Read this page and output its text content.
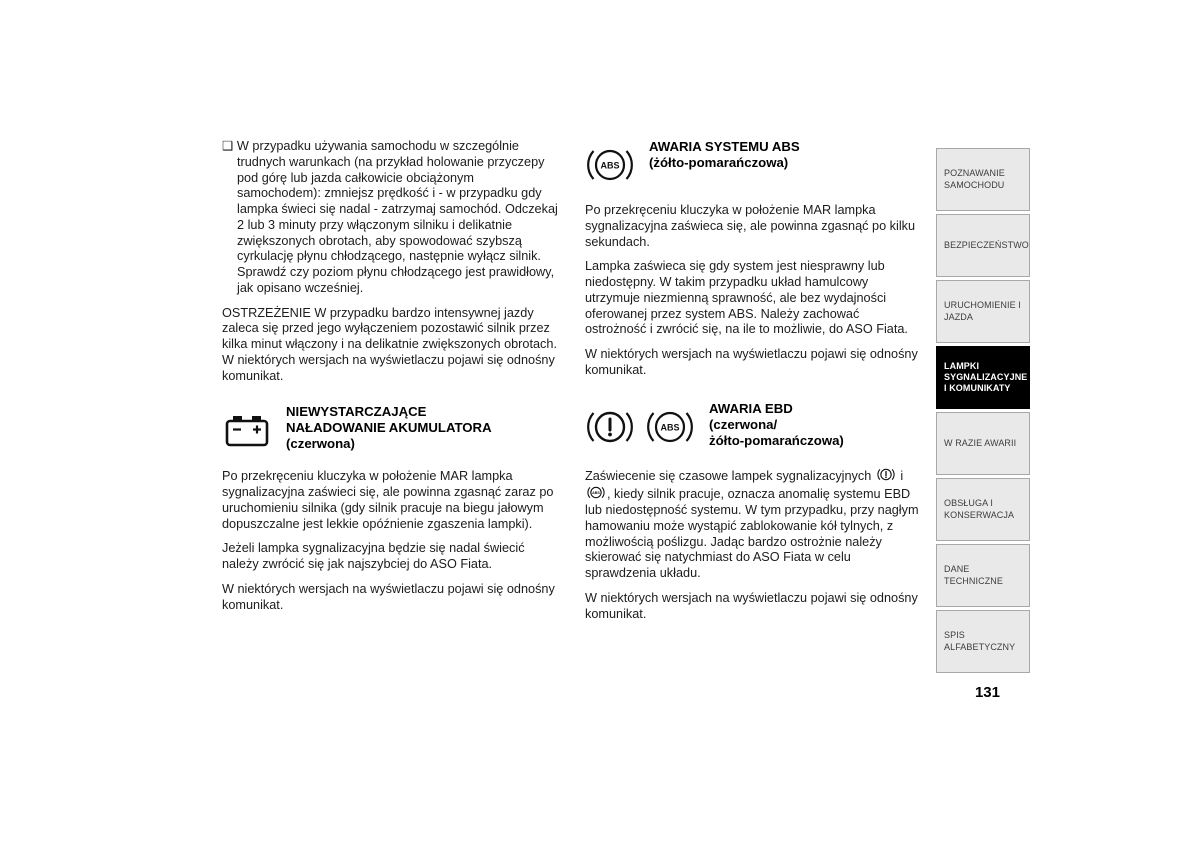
❑ W przypadku używania samochodu w szczególnie trudnych warunkach (na przykład holowanie przyczepy pod górę lub jazda całkowicie obciążonym samochodem): zmniejsz prędkość i - w przypadku gdy lampka świeci się nadal - zatrzymaj samochód. Odczekaj 2 lub 3 minuty przy włączonym silniku i delikatnie zwiększonych obrotach, aby spowodować szybszą cyrkulację płynu chłodzącego, następnie wyłącz silnik. Sprawdź czy poziom płynu chłodzącego jest prawidłowy, jak opisano wcześniej.

OSTRZEŻENIE W przypadku bardzo intensywnej jazdy zaleca się przed jego wyłączeniem pozostawić silnik przez kilka minut włączony i na delikatnie zwiększonych obrotach. W niektórych wersjach na wyświetlaczu pojawi się odnośny komunikat.

NIEWYSTARCZAJĄCE
NAŁADOWANIE AKUMULATORA
(czerwona)

Po przekręceniu kluczyka w położenie MAR lampka sygnalizacyjna zaświeci się, ale powinna zgasnąć zaraz po uruchomieniu silnika (gdy silnik pracuje na biegu jałowym dopuszczalne jest lekkie opóźnienie zgaszenia lampki).

Jeżeli lampka sygnalizacyjna będzie się nadal świecić należy zwrócić się jak najszybciej do ASO Fiata.

W niektórych wersjach na wyświetlaczu pojawi się odnośny komunikat.

ABS
AWARIA SYSTEMU ABS
(żółto-pomarańczowa)

Po przekręceniu kluczyka w położenie MAR lampka sygnalizacyjna zaświeca się, ale powinna zgasnąć po kilku sekundach.

Lampka zaświeca się gdy system jest niesprawny lub niedostępny. W takim przypadku układ hamulcowy utrzymuje niezmienną sprawność, ale bez wydajności oferowanej przez system ABS. Należy zachować ostrożność i zwrócić się, na ile to możliwie, do ASO Fiata.

W niektórych wersjach na wyświetlaczu pojawi się odnośny komunikat.

ABS
AWARIA EBD
(czerwona/
żółto-pomarańczowa)

Zaświecenie się czasowe lampek sygnalizacyjnych i
ABS , kiedy silnik pracuje, oznacza anomalię systemu EBD lub niedostępność systemu. W tym przypadku, przy nagłym hamowaniu może wystąpić zablokowanie kół tylnych, z możliwością poślizgu. Jadąc bardzo ostrożnie należy skierować się natychmiast do ASO Fiata w celu sprawdzenia układu.

W niektórych wersjach na wyświetlaczu pojawi się odnośny komunikat.

POZNAWANIE SAMOCHODU
BEZPIECZEŃSTWO
URUCHOMIENIE I JAZDA
LAMPKI SYGNALIZACYJNE I KOMUNIKATY
W RAZIE AWARII
OBSŁUGA I KONSERWACJA
DANE TECHNICZNE
SPIS ALFABETYCZNY
131
